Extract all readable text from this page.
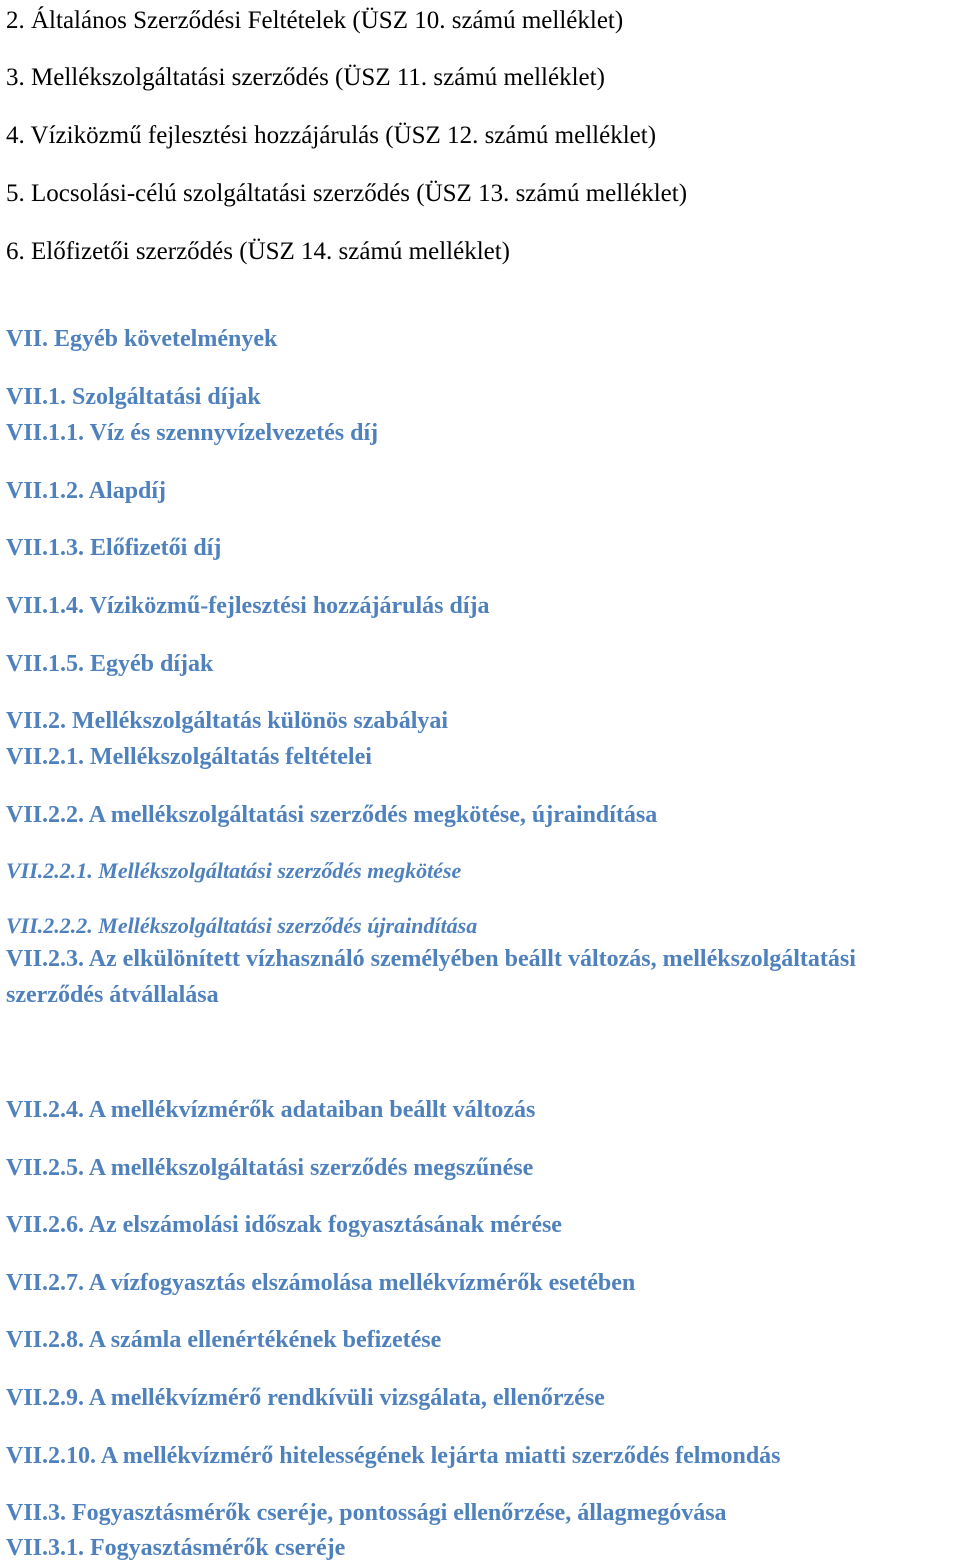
2. Általános Szerződési Feltételek (ÜSZ 10. számú melléklet)
3. Mellékszolgáltatási szerződés (ÜSZ 11. számú melléklet)
4. Víziközmű fejlesztési hozzájárulás (ÜSZ 12. számú melléklet)
5. Locsolási-célú szolgáltatási szerződés (ÜSZ 13. számú melléklet)
6. Előfizetői szerződés (ÜSZ 14. számú melléklet)
VII. Egyéb követelmények
VII.1. Szolgáltatási díjak
VII.1.1. Víz és szennyvízelvezetés díj
VII.1.2. Alapdíj
VII.1.3. Előfizetői díj
VII.1.4. Víziközmű-fejlesztési hozzájárulás díja
VII.1.5. Egyéb díjak
VII.2. Mellékszolgáltatás különös szabályai
VII.2.1. Mellékszolgáltatás feltételei
VII.2.2. A mellékszolgáltatási szerződés megkötése, újraindítása
VII.2.2.1. Mellékszolgáltatási szerződés megkötése
VII.2.2.2. Mellékszolgáltatási szerződés újraindítása
VII.2.3. Az elkülönített vízhasználó személyében beállt változás, mellékszolgáltatási
szerződés átvállalása
VII.2.4. A mellékvízmérők adataiban beállt változás
VII.2.5. A mellékszolgáltatási szerződés megszűnése
VII.2.6. Az elszámolási időszak fogyasztásának mérése
VII.2.7. A vízfogyasztás elszámolása mellékvízmérők esetében
VII.2.8. A számla ellenértékének befizetése
VII.2.9. A mellékvízmérő rendkívüli vizsgálata, ellenőrzése
VII.2.10. A mellékvízmérő hitelességének lejárta miatti szerződés felmondás
VII.3. Fogyasztásmérők cseréje, pontossági ellenőrzése, állagmegóvása
VII.3.1. Fogyasztásmérők cseréje
